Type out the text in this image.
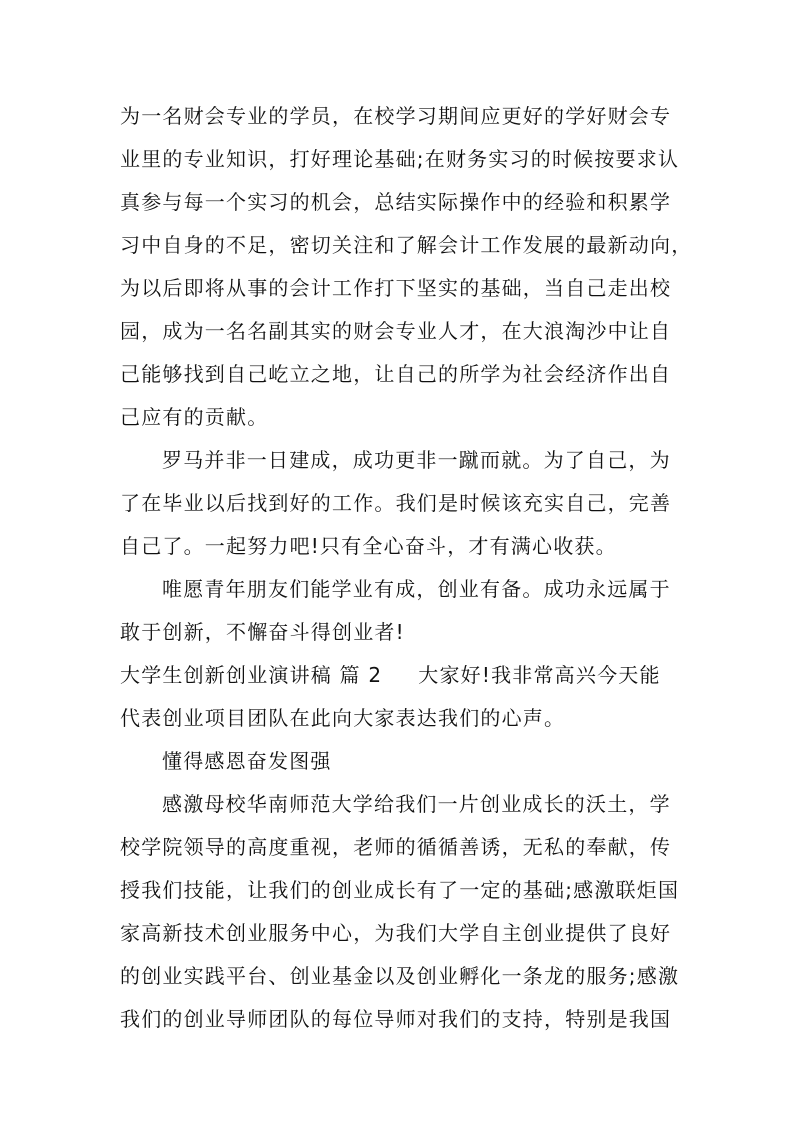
为一名财会专业的学员，在校学习期间应更好的学好财会专
业里的专业知识，打好理论基础;在财务实习的时候按要求认
真参与每一个实习的机会，总结实际操作中的经验和积累学
习中自身的不足，密切关注和了解会计工作发展的最新动向，
为以后即将从事的会计工作打下坚实的基础，当自己走出校
园，成为一名名副其实的财会专业人才，在大浪淘沙中让自
己能够找到自己屹立之地，让自己的所学为社会经济作出自
己应有的贡献。
罗马并非一日建成，成功更非一蹴而就。为了自己，为
了在毕业以后找到好的工作。我们是时候该充实自己，完善
自己了。一起努力吧!只有全心奋斗，才有满心收获。
唯愿青年朋友们能学业有成，创业有备。成功永远属于
敢于创新，不懈奋斗得创业者!
大学生创新创业演讲稿 篇 2 大家好!我非常高兴今天能
代表创业项目团队在此向大家表达我们的心声。
懂得感恩奋发图强
感激母校华南师范大学给我们一片创业成长的沃土，学
校学院领导的高度重视，老师的循循善诱，无私的奉献，传
授我们技能，让我们的创业成长有了一定的基础;感激联炬国
家高新技术创业服务中心，为我们大学自主创业提供了良好
的创业实践平台、创业基金以及创业孵化一条龙的服务;感激
我们的创业导师团队的每位导师对我们的支持，特别是我国
